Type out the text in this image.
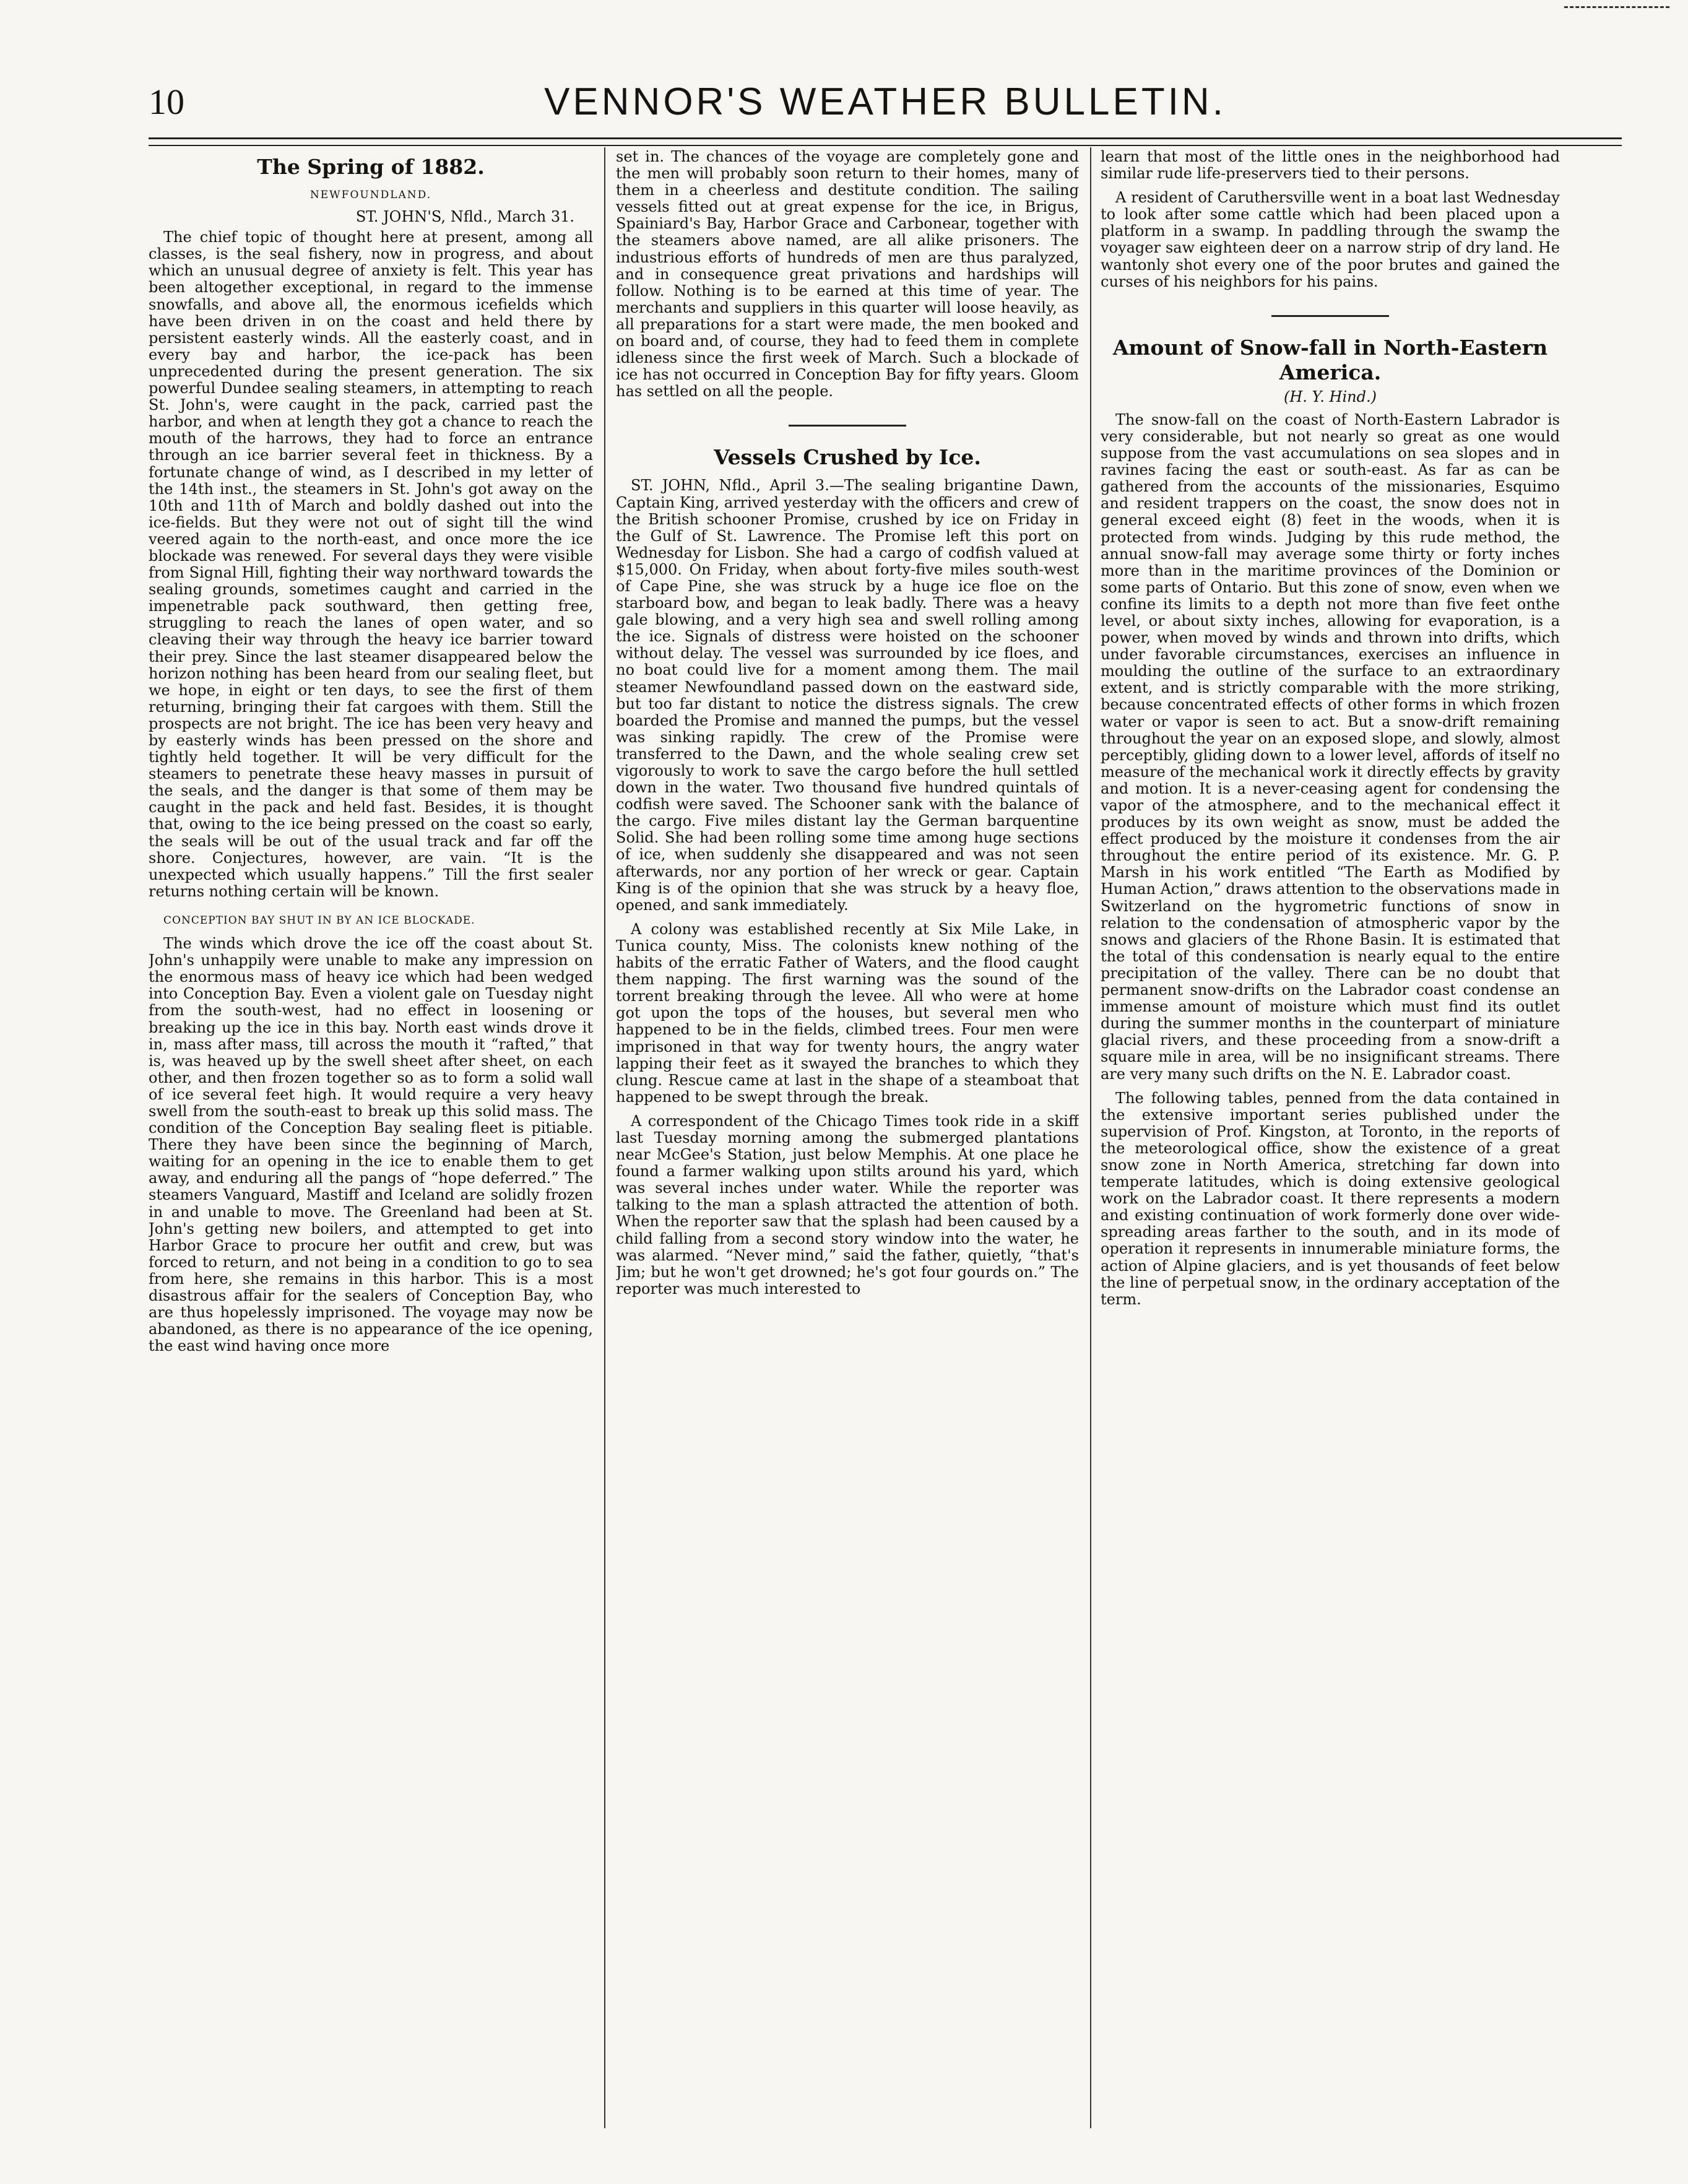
10	VENNOR'S WEATHER BULLETIN.
The Spring of 1882.
NEWFOUNDLAND.
ST. JOHN'S, Nfld., March 31.

The chief topic of thought here at present, among all classes, is the seal fishery, now in progress, and about which an unusual degree of anxiety is felt. This year has been altogether exceptional, in regard to the immense snowfalls, and above all, the enormous icefields which have been driven in on the coast and held there by persistent easterly winds. All the easterly coast, and in every bay and harbor, the ice-pack has been unprecedented during the present generation. The six powerful Dundee sealing steamers, in attempting to reach St. John's, were caught in the pack, carried past the harbor, and when at length they got a chance to reach the mouth of the harrows, they had to force an entrance through an ice barrier several feet in thickness. By a fortunate change of wind, as I described in my letter of the 14th inst., the steamers in St. John's got away on the 10th and 11th of March and boldly dashed out into the ice-fields. But they were not out of sight till the wind veered again to the north-east, and once more the ice blockade was renewed. For several days they were visible from Signal Hill, fighting their way northward towards the sealing grounds, sometimes caught and carried in the impenetrable pack southward, then getting free, struggling to reach the lanes of open water, and so cleaving their way through the heavy ice barrier toward their prey. Since the last steamer disappeared below the horizon nothing has been heard from our sealing fleet, but we hope, in eight or ten days, to see the first of them returning, bringing their fat cargoes with them. Still the prospects are not bright. The ice has been very heavy and by easterly winds has been pressed on the shore and tightly held together. It will be very difficult for the steamers to penetrate these heavy masses in pursuit of the seals, and the danger is that some of them may be caught in the pack and held fast. Besides, it is thought that, owing to the ice being pressed on the coast so early, the seals will be out of the usual track and far off the shore. Conjectures, however, are vain. “It is the unexpected which usually happens.” Till the first sealer returns nothing certain will be known.

CONCEPTION BAY SHUT IN BY AN ICE BLOCKADE.

The winds which drove the ice off the coast about St. John's unhappily were unable to make any impression on the enormous mass of heavy ice which had been wedged into Conception Bay. Even a violent gale on Tuesday night from the south-west, had no effect in loosening or breaking up the ice in this bay. North east winds drove it in, mass after mass, till across the mouth it “rafted,” that is, was heaved up by the swell sheet after sheet, on each other, and then frozen together so as to form a solid wall of ice several feet high. It would require a very heavy swell from the south-east to break up this solid mass. The condition of the Conception Bay sealing fleet is pitiable. There they have been since the beginning of March, waiting for an opening in the ice to enable them to get away, and enduring all the pangs of “hope deferred.” The steamers Vanguard, Mastiff and Iceland are solidly frozen in and unable to move. The Greenland had been at St. John's getting new boilers, and attempted to get into Harbor Grace to procure her outfit and crew, but was forced to return, and not being in a condition to go to sea from here, she remains in this harbor. This is a most disastrous affair for the sealers of Conception Bay, who are thus hopelessly imprisoned. The voyage may now be abandoned, as there is no appearance of the ice opening, the east wind having once more

set in. The chances of the voyage are completely gone and the men will probably soon return to their homes, many of them in a cheerless and destitute condition. The sailing vessels fitted out at great expense for the ice, in Brigus, Spainiard's Bay, Harbor Grace and Carbonear, together with the steamers above named, are all alike prisoners. The industrious efforts of hundreds of men are thus paralyzed, and in consequence great privations and hardships will follow. Nothing is to be earned at this time of year. The merchants and suppliers in this quarter will loose heavily, as all preparations for a start were made, the men booked and on board and, of course, they had to feed them in complete idleness since the first week of March. Such a blockade of ice has not occurred in Conception Bay for fifty years. Gloom has settled on all the people.

Vessels Crushed by Ice.

ST. JOHN, Nfld., April 3.—The sealing brigantine Dawn, Captain King, arrived yesterday with the officers and crew of the British schooner Promise, crushed by ice on Friday in the Gulf of St. Lawrence. The Promise left this port on Wednesday for Lisbon. She had a cargo of codfish valued at $15,000. On Friday, when about forty-five miles south-west of Cape Pine, she was struck by a huge ice floe on the starboard bow, and began to leak badly. There was a heavy gale blowing, and a very high sea and swell rolling among the ice. Signals of distress were hoisted on the schooner without delay. The vessel was surrounded by ice floes, and no boat could live for a moment among them. The mail steamer Newfoundland passed down on the eastward side, but too far distant to notice the distress signals. The crew boarded the Promise and manned the pumps, but the vessel was sinking rapidly. The crew of the Promise were transferred to the Dawn, and the whole sealing crew set vigorously to work to save the cargo before the hull settled down in the water. Two thousand five hundred quintals of codfish were saved. The Schooner sank with the balance of the cargo. Five miles distant lay the German barquentine Solid. She had been rolling some time among huge sections of ice, when suddenly she disappeared and was not seen afterwards, nor any portion of her wreck or gear. Captain King is of the opinion that she was struck by a heavy floe, opened, and sank immediately.

A colony was established recently at Six Mile Lake, in Tunica county, Miss. The colonists knew nothing of the habits of the erratic Father of Waters, and the flood caught them napping. The first warning was the sound of the torrent breaking through the levee. All who were at home got upon the tops of the houses, but several men who happened to be in the fields, climbed trees. Four men were imprisoned in that way for twenty hours, the angry water lapping their feet as it swayed the branches to which they clung. Rescue came at last in the shape of a steamboat that happened to be swept through the break.

A correspondent of the Chicago Times took ride in a skiff last Tuesday morning among the submerged plantations near McGee's Station, just below Memphis. At one place he found a farmer walking upon stilts around his yard, which was several inches under water. While the reporter was talking to the man a splash attracted the attention of both. When the reporter saw that the splash had been caused by a child falling from a second story window into the water, he was alarmed. “Never mind,” said the father, quietly, “that's Jim; but he won't get drowned; he's got four gourds on.” The reporter was much interested to

learn that most of the little ones in the neighborhood had similar rude life-preservers tied to their persons.

A resident of Caruthersville went in a boat last Wednesday to look after some cattle which had been placed upon a platform in a swamp. In paddling through the swamp the voyager saw eighteen deer on a narrow strip of dry land. He wantonly shot every one of the poor brutes and gained the curses of his neighbors for his pains.

Amount of Snow-fall in North-Eastern America.
(H. Y. Hind.)

The snow-fall on the coast of North-Eastern Labrador is very considerable, but not nearly so great as one would suppose from the vast accumulations on sea slopes and in ravines facing the east or south-east. As far as can be gathered from the accounts of the missionaries, Esquimo and resident trappers on the coast, the snow does not in general exceed eight (8) feet in the woods, when it is protected from winds. Judging by this rude method, the annual snow-fall may average some thirty or forty inches more than in the maritime provinces of the Dominion or some parts of Ontario. But this zone of snow, even when we confine its limits to a depth not more than five feet onthe level, or about sixty inches, allowing for evaporation, is a power, when moved by winds and thrown into drifts, which under favorable circumstances, exercises an influence in moulding the outline of the surface to an extraordinary extent, and is strictly comparable with the more striking, because concentrated effects of other forms in which frozen water or vapor is seen to act. But a snow-drift remaining throughout the year on an exposed slope, and slowly, almost perceptibly, gliding down to a lower level, affords of itself no measure of the mechanical work it directly effects by gravity and motion. It is a never-ceasing agent for condensing the vapor of the atmosphere, and to the mechanical effect it produces by its own weight as snow, must be added the effect produced by the moisture it condenses from the air throughout the entire period of its existence. Mr. G. P. Marsh in his work entitled “The Earth as Modified by Human Action,” draws attention to the observations made in Switzerland on the hygrometric functions of snow in relation to the condensation of atmospheric vapor by the snows and glaciers of the Rhone Basin. It is estimated that the total of this condensation is nearly equal to the entire precipitation of the valley. There can be no doubt that permanent snow-drifts on the Labrador coast condense an immense amount of moisture which must find its outlet during the summer months in the counterpart of miniature glacial rivers, and these proceeding from a snow-drift a square mile in area, will be no insignificant streams. There are very many such drifts on the N. E. Labrador coast.

The following tables, penned from the data contained in the extensive important series published under the supervision of Prof. Kingston, at Toronto, in the reports of the meteorological office, show the existence of a great snow zone in North America, stretching far down into temperate latitudes, which is doing extensive geological work on the Labrador coast. It there represents a modern and existing continuation of work formerly done over wide-spreading areas farther to the south, and in its mode of operation it represents in innumerable miniature forms, the action of Alpine glaciers, and is yet thousands of feet below the line of perpetual snow, in the ordinary acceptation of the term.
